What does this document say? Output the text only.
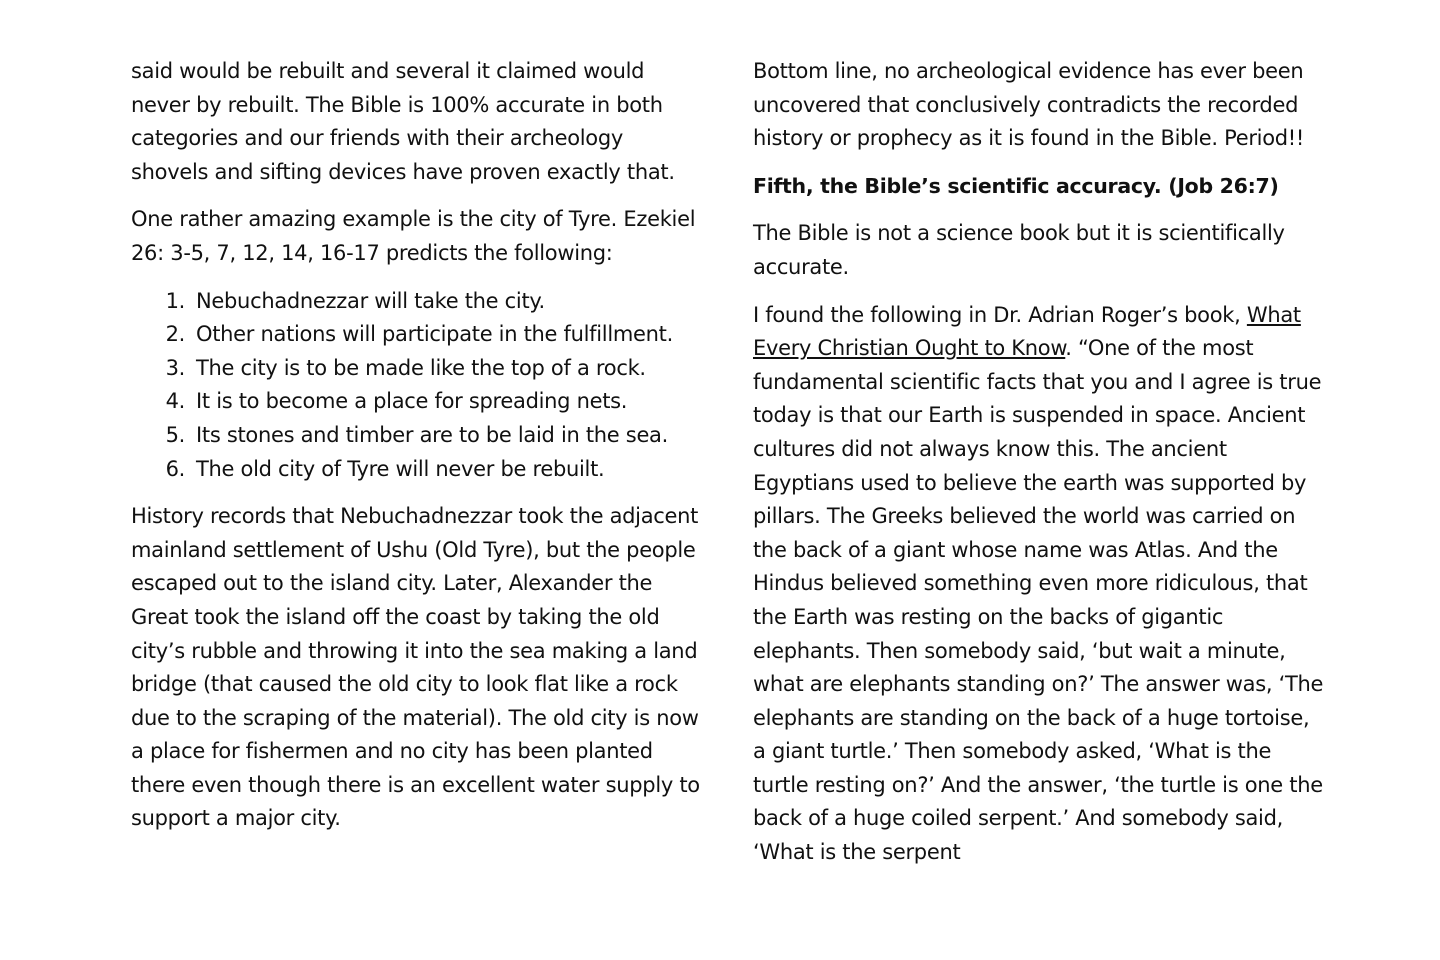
said would be rebuilt and several it claimed would never by rebuilt. The Bible is 100% accurate in both categories and our friends with their archeology shovels and sifting devices have proven exactly that.

One rather amazing example is the city of Tyre. Ezekiel 26: 3-5, 7, 12, 14, 16-17 predicts the following:

1. Nebuchadnezzar will take the city.
2. Other nations will participate in the fulfillment.
3. The city is to be made like the top of a rock.
4. It is to become a place for spreading nets.
5. Its stones and timber are to be laid in the sea.
6. The old city of Tyre will never be rebuilt.

History records that Nebuchadnezzar took the adjacent mainland settlement of Ushu (Old Tyre), but the people escaped out to the island city. Later, Alexander the Great took the island off the coast by taking the old city’s rubble and throwing it into the sea making a land bridge (that caused the old city to look flat like a rock due to the scraping of the material). The old city is now a place for fishermen and no city has been planted there even though there is an excellent water supply to support a major city.

Bottom line, no archeological evidence has ever been uncovered that conclusively contradicts the recorded history or prophecy as it is found in the Bible. Period!!

Fifth, the Bible’s scientific accuracy. (Job 26:7)

The Bible is not a science book but it is scientifically accurate.

I found the following in Dr. Adrian Roger’s book, What Every Christian Ought to Know. “One of the most fundamental scientific facts that you and I agree is true today is that our Earth is suspended in space. Ancient cultures did not always know this. The ancient Egyptians used to believe the earth was supported by pillars. The Greeks believed the world was carried on the back of a giant whose name was Atlas. And the Hindus believed something even more ridiculous, that the Earth was resting on the backs of gigantic elephants. Then somebody said, ‘but wait a minute, what are elephants standing on?’ The answer was, ‘The elephants are standing on the back of a huge tortoise, a giant turtle.’ Then somebody asked, ‘What is the turtle resting on?’ And the answer, ‘the turtle is one the back of a huge coiled serpent.’ And somebody said, ‘What is the serpent
